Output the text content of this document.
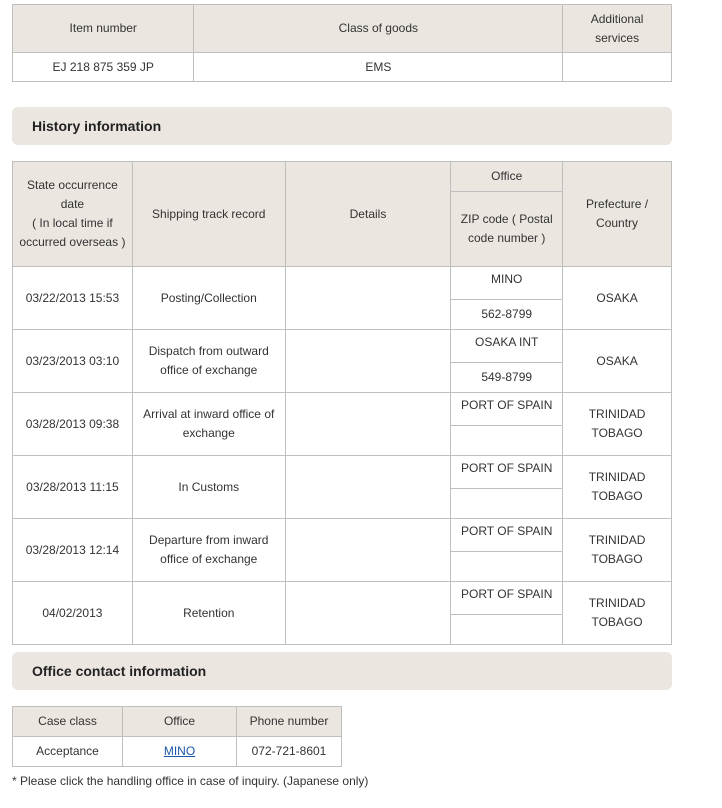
Item number	Class of goods	Additional services
EJ 218 875 359 JP	EMS	
History information
State occurrence date
( In local time if occurred overseas )	Shipping track record	Details	Office	Prefecture / Country
			ZIP code ( Postal code number )	
03/22/2013 15:53	Posting/Collection		MINO	OSAKA
			562-8799	
03/23/2013 03:10	Dispatch from outward office of exchange		OSAKA INT	OSAKA
			549-8799	
03/28/2013 09:38	Arrival at inward office of exchange		PORT OF SPAIN	TRINIDAD TOBAGO

03/28/2013 11:15	In Customs		PORT OF SPAIN	TRINIDAD TOBAGO

03/28/2013 12:14	Departure from inward office of exchange		PORT OF SPAIN	TRINIDAD TOBAGO

04/02/2013	Retention		PORT OF SPAIN	TRINIDAD TOBAGO

Office contact information
Case class	Office	Phone number
Acceptance	MINO	072-721-8601
* Please click the handling office in case of inquiry. (Japanese only)
